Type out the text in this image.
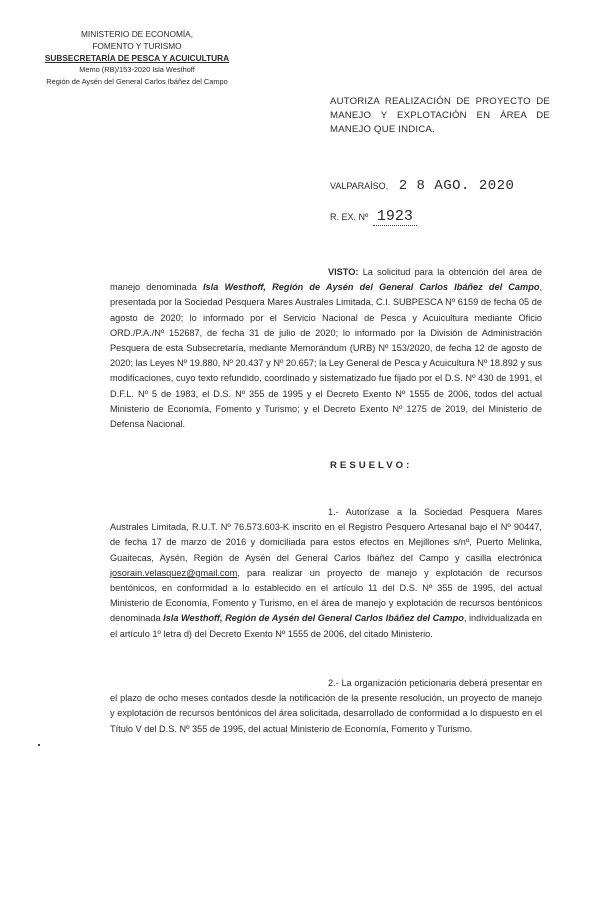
MINISTERIO DE ECONOMÍA,
FOMENTO Y TURISMO
SUBSECRETARÍA DE PESCA Y ACUICULTURA
Memo (RB)/153-2020 Isla Westhoff
Región de Aysén del General Carlos Ibáñez del Campo
AUTORIZA REALIZACIÓN DE PROYECTO DE MANEJO Y EXPLOTACIÓN EN ÁREA DE MANEJO QUE INDICA.
VALPARAÍSO, 2 8 AGO. 2020
R. EX. Nº 1923
VISTO: La solicitud para la obtención del área de manejo denominada Isla Westhoff, Región de Aysén del General Carlos Ibáñez del Campo, presentada por la Sociedad Pesquera Mares Australes Limitada, C.I. SUBPESCA Nº 6159 de fecha 05 de agosto de 2020; lo informado por el Servicio Nacional de Pesca y Acuicultura mediante Oficio ORD./P.A./Nº 152687, de fecha 31 de julio de 2020; lo informado por la División de Administración Pesquera de esta Subsecretaría, mediante Memorándum (URB) Nº 153/2020, de fecha 12 de agosto de 2020; las Leyes Nº 19.880, Nº 20.437 y Nº 20.657; la Ley General de Pesca y Acuicultura Nº 18.892 y sus modificaciones, cuyo texto refundido, coordinado y sistematizado fue fijado por el D.S. Nº 430 de 1991, el D.F.L. Nº 5 de 1983, el D.S. Nº 355 de 1995 y el Decreto Exento Nº 1555 de 2006, todos del actual Ministerio de Economía, Fomento y Turismo; y el Decreto Exento Nº 1275 de 2019, del Ministerio de Defensa Nacional.
RESUELVO:
1.- Autorízase a la Sociedad Pesquera Mares Australes Limitada, R.U.T. Nº 76.573.603-K inscrito en el Registro Pesquero Artesanal bajo el Nº 90447, de fecha 17 de marzo de 2016 y domiciliada para estos efectos en Mejillones s/nº, Puerto Melinka, Guaitecas, Aysén, Región de Aysén del General Carlos Ibáñez del Campo y casilla electrónica josorain.velasquez@gmail.com, para realizar un proyecto de manejo y explotación de recursos bentónicos, en conformidad a lo establecido en el artículo 11 del D.S. Nº 355 de 1995, del actual Ministerio de Economía, Fomento y Turismo, en el área de manejo y explotación de recursos bentónicos denominada Isla Westhoff, Región de Aysén del General Carlos Ibáñez del Campo, individualizada en el artículo 1º letra d) del Decreto Exento Nº 1555 de 2006, del citado Ministerio.
2.- La organización peticionaria deberá presentar en el plazo de ocho meses contados desde la notificación de la presente resolución, un proyecto de manejo y explotación de recursos bentónicos del área solicitada, desarrollado de conformidad a lo dispuesto en el Título V del D.S. Nº 355 de 1995, del actual Ministerio de Economía, Fomento y Turismo.
